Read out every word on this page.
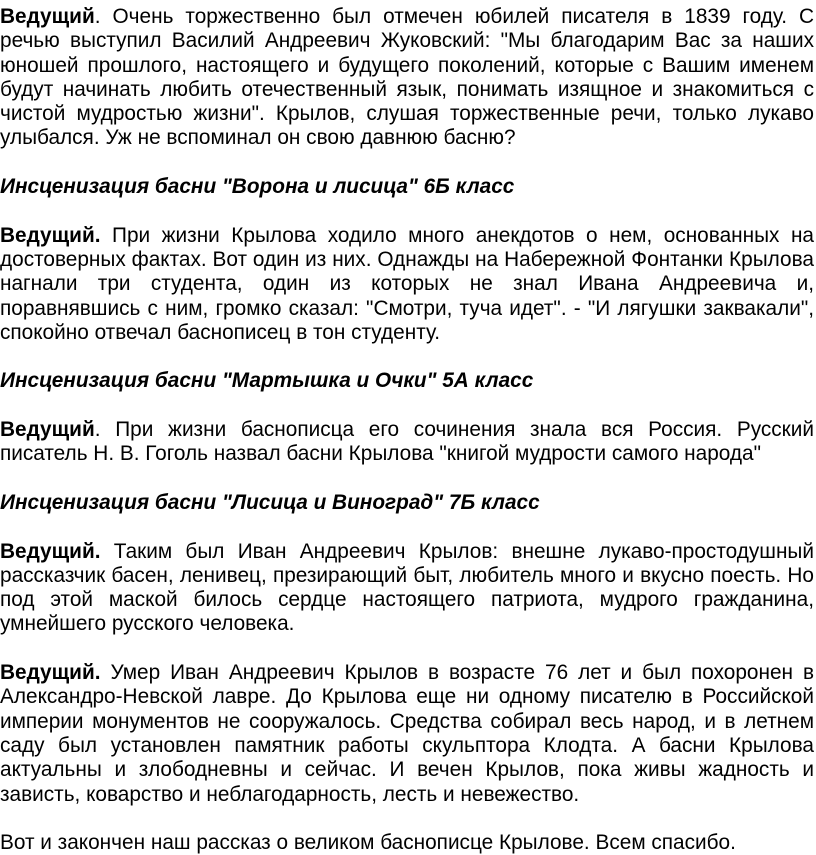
Ведущий. Очень торжественно был отмечен юбилей писателя в 1839 году. С речью выступил Василий Андреевич Жуковский: "Мы благодарим Вас за наших юношей прошлого, настоящего и будущего поколений, которые с Вашим именем будут начинать любить отечественный язык, понимать изящное и знакомиться с чистой мудростью жизни". Крылов, слушая торжественные речи, только лукаво улыбался. Уж не вспоминал он свою давнюю басню?

Инсценизация басни "Ворона и лисица" 6Б класс

Ведущий. При жизни Крылова ходило много анекдотов о нем, основанных на достоверных фактах. Вот один из них. Однажды на Набережной Фонтанки Крылова нагнали три студента, один из которых не знал Ивана Андреевича и, поравнявшись с ним, громко сказал: "Смотри, туча идет". - "И лягушки заквакали", спокойно отвечал баснописец в тон студенту.

Инсценизация басни "Мартышка и Очки" 5А класс

Ведущий. При жизни баснописца его сочинения знала вся Россия. Русский писатель Н. В. Гоголь назвал басни Крылова "книгой мудрости самого народа"

Инсценизация басни "Лисица и Виноград" 7Б класс

Ведущий. Таким был Иван Андреевич Крылов: внешне лукаво-простодушный рассказчик басен, ленивец, презирающий быт, любитель много и вкусно поесть. Но под этой маской билось сердце настоящего патриота, мудрого гражданина, умнейшего русского человека.

Ведущий. Умер Иван Андреевич Крылов в возрасте 76 лет и был похоронен в Александро-Невской лавре. До Крылова еще ни одному писателю в Российской империи монументов не сооружалось. Средства собирал весь народ, и в летнем саду был установлен памятник работы скульптора Клодта. А басни Крылова актуальны и злободневны и сейчас. И вечен Крылов, пока живы жадность и зависть, коварство и неблагодарность, лесть и невежество.

Вот и закончен наш рассказ о великом баснописце Крылове. Всем спасибо.
